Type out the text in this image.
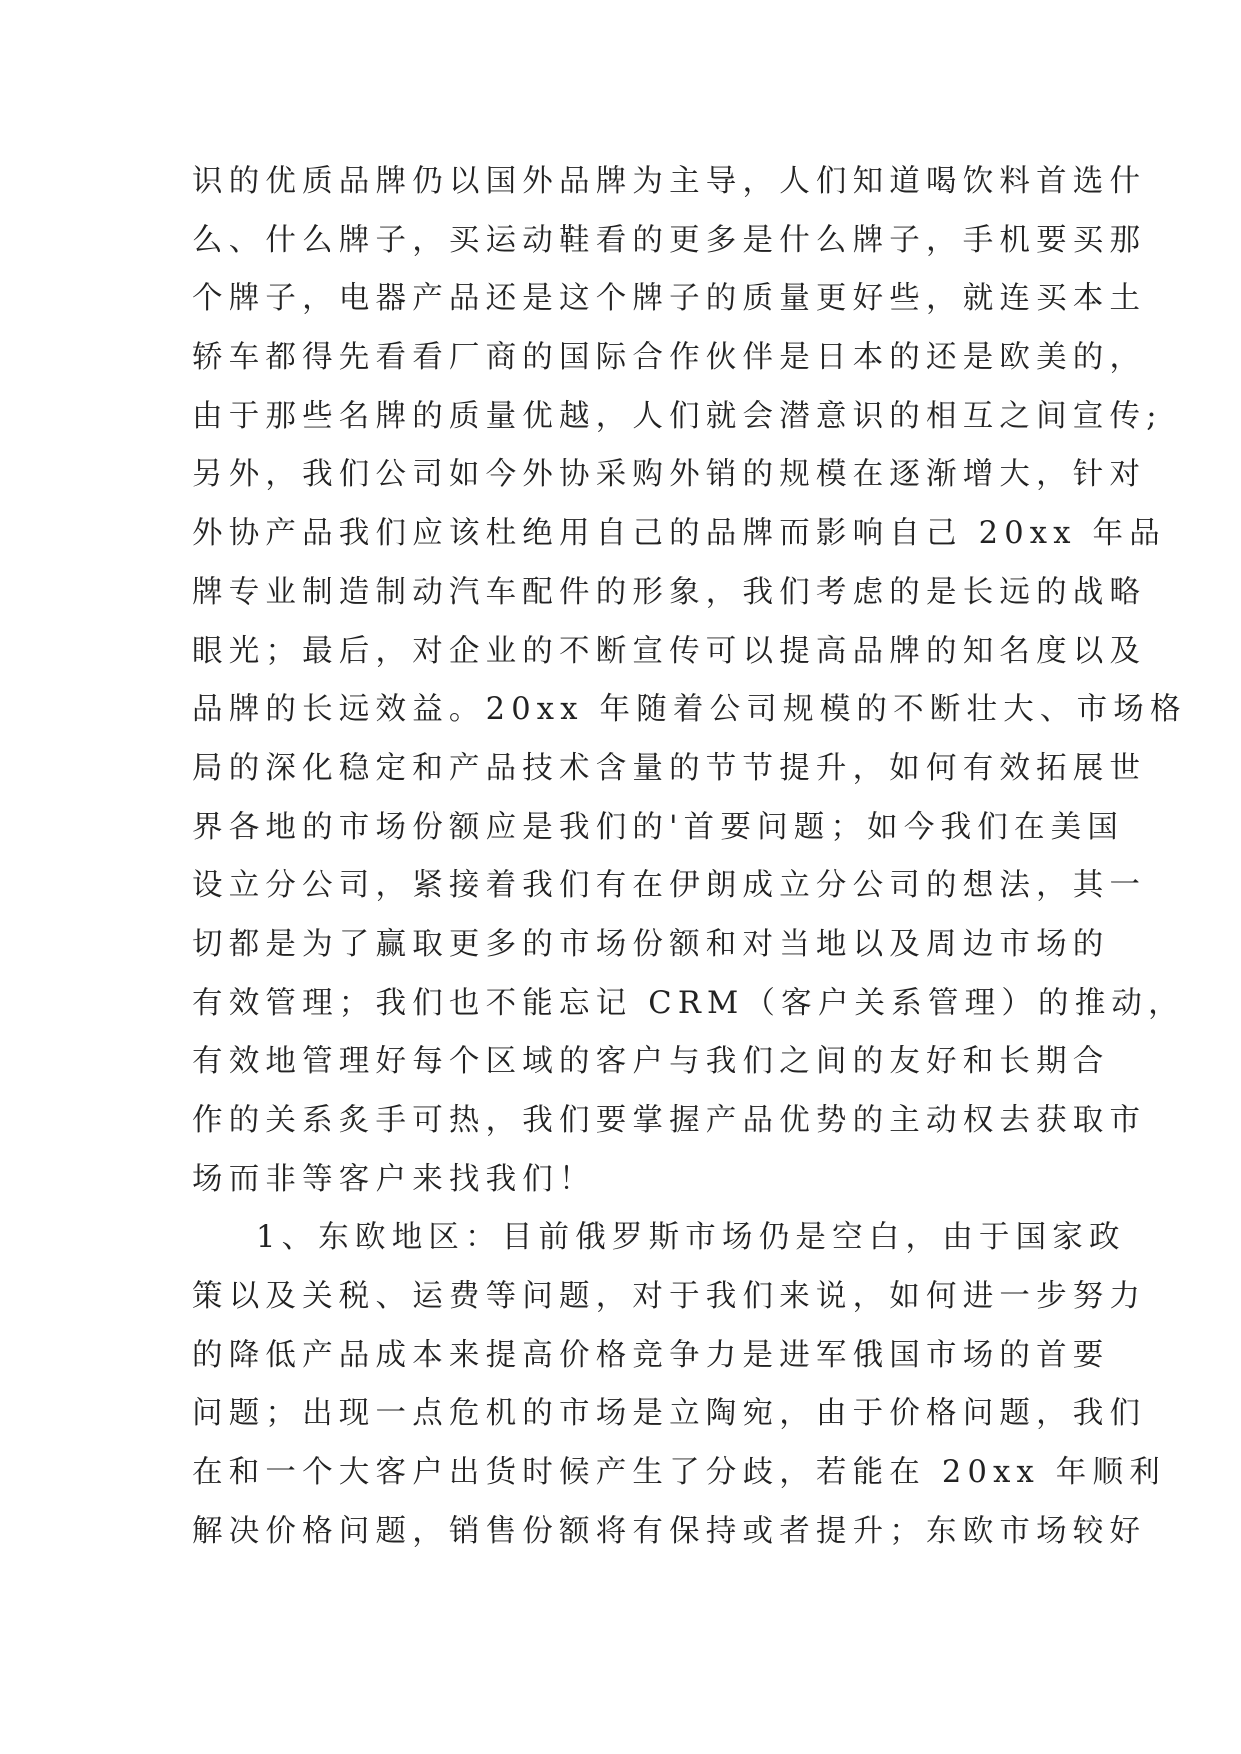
识的优质品牌仍以国外品牌为主导，人们知道喝饮料首选什
么、什么牌子，买运动鞋看的更多是什么牌子，手机要买那
个牌子，电器产品还是这个牌子的质量更好些，就连买本土
轿车都得先看看厂商的国际合作伙伴是日本的还是欧美的，
由于那些名牌的质量优越，人们就会潜意识的相互之间宣传;
另外，我们公司如今外协采购外销的规模在逐渐增大，针对
外协产品我们应该杜绝用自己的品牌而影响自己 20xx 年品
牌专业制造制动汽车配件的形象，我们考虑的是长远的战略
眼光；最后，对企业的不断宣传可以提高品牌的知名度以及
品牌的长远效益。20xx 年随着公司规模的不断壮大、市场格
局的深化稳定和产品技术含量的节节提升，如何有效拓展世
界各地的市场份额应是我们的'首要问题；如今我们在美国
设立分公司，紧接着我们有在伊朗成立分公司的想法，其一
切都是为了赢取更多的市场份额和对当地以及周边市场的
有效管理；我们也不能忘记 CRM（客户关系管理）的推动，
有效地管理好每个区域的客户与我们之间的友好和长期合
作的关系炙手可热，我们要掌握产品优势的主动权去获取市
场而非等客户来找我们！
1、东欧地区：目前俄罗斯市场仍是空白，由于国家政
策以及关税、运费等问题，对于我们来说，如何进一步努力
的降低产品成本来提高价格竞争力是进军俄国市场的首要
问题；出现一点危机的市场是立陶宛，由于价格问题，我们
在和一个大客户出货时候产生了分歧，若能在 20xx 年顺利
解决价格问题，销售份额将有保持或者提升；东欧市场较好
